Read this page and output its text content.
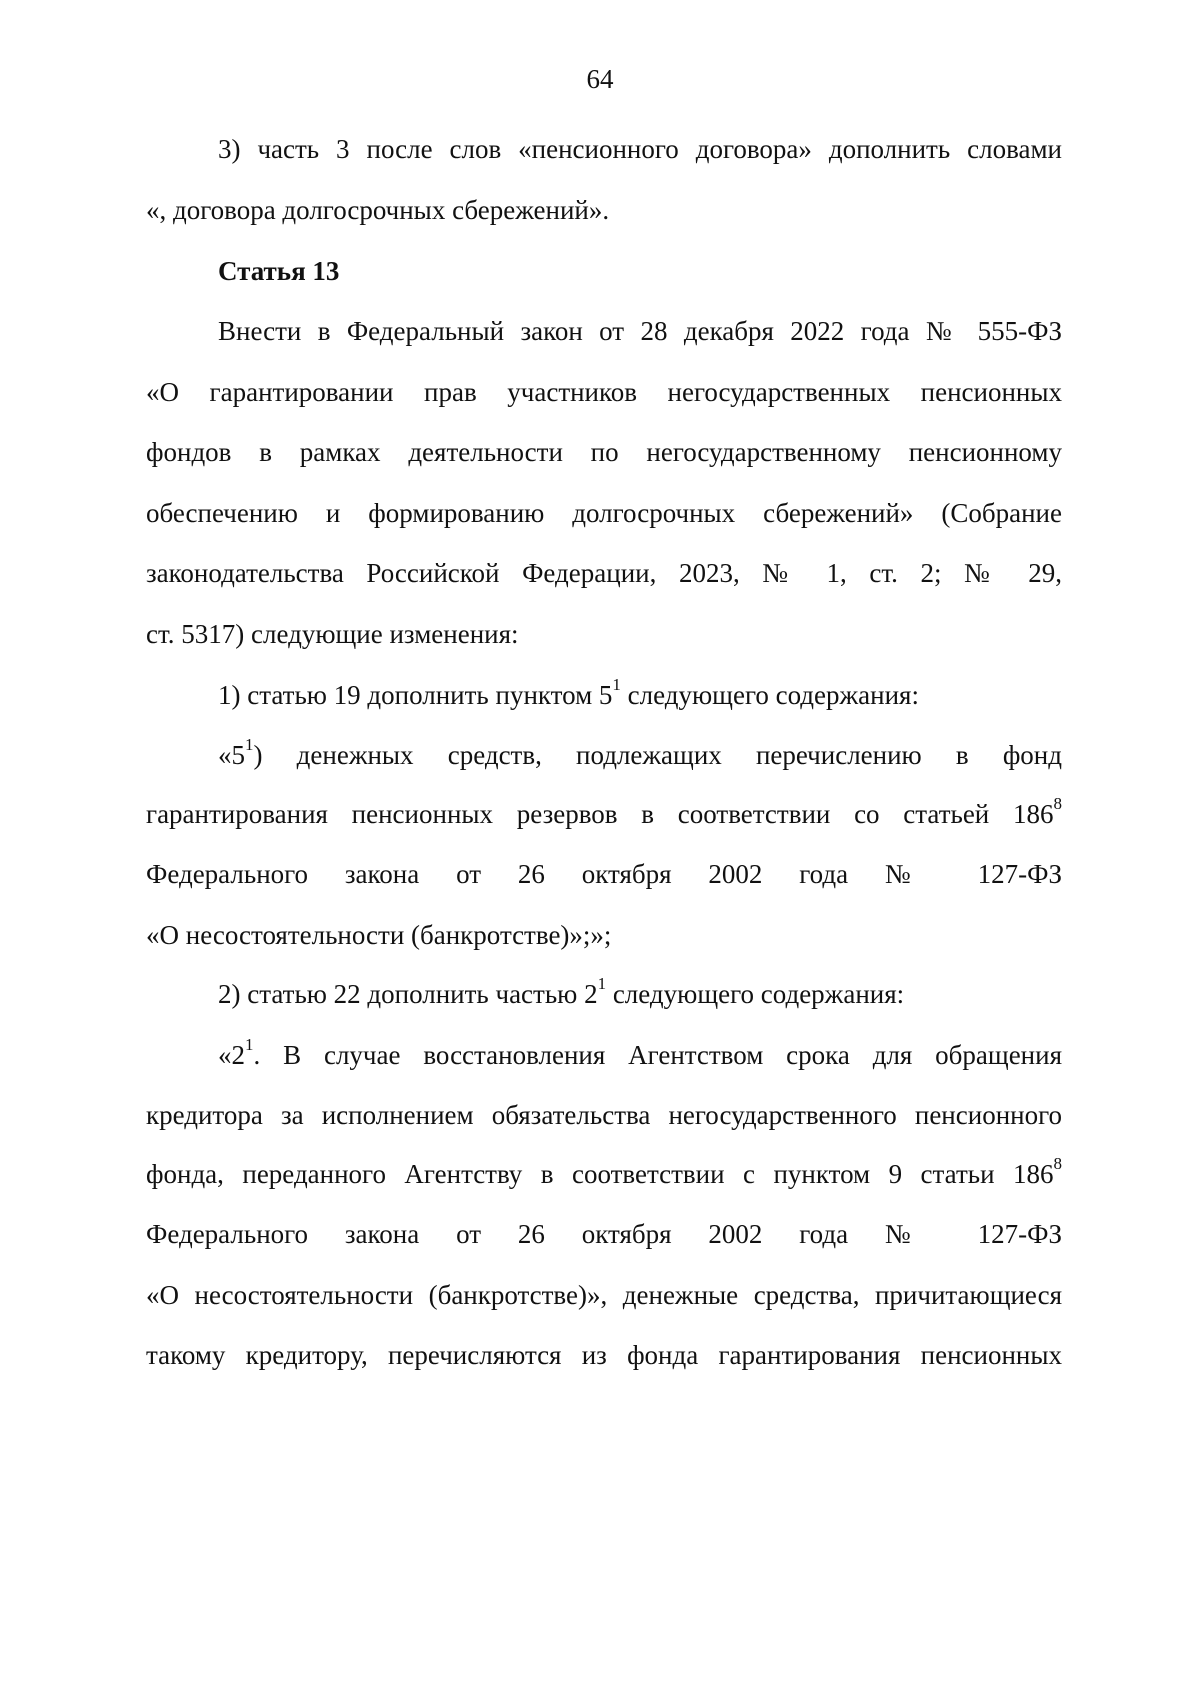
64
3) часть 3 после слов «пенсионного договора» дополнить словами
«, договора долгосрочных сбережений».
Статья 13
Внести в Федеральный закон от 28 декабря 2022 года № 555-ФЗ
«О гарантировании прав участников негосударственных пенсионных
фондов в рамках деятельности по негосударственному пенсионному
обеспечению и формированию долгосрочных сбережений» (Собрание
законодательства Российской Федерации, 2023, № 1, ст. 2; № 29,
ст. 5317) следующие изменения:
1) статью 19 дополнить пунктом $5^1$ следующего содержания:
«$5^1$) денежных средств, подлежащих перечислению в фонд
гарантирования пенсионных резервов в соответствии со статьей $186^8$
Федерального закона от 26 октября 2002 года № 127-ФЗ
«О несостоятельности (банкротстве)»;»;
2) статью 22 дополнить частью $2^1$ следующего содержания:
«$2^1$. В случае восстановления Агентством срока для обращения
кредитора за исполнением обязательства негосударственного пенсионного
фонда, переданного Агентству в соответствии с пунктом 9 статьи $186^8$
Федерального закона от 26 октября 2002 года № 127-ФЗ
«О несостоятельности (банкротстве)», денежные средства, причитающиеся
такому кредитору, перечисляются из фонда гарантирования пенсионных
